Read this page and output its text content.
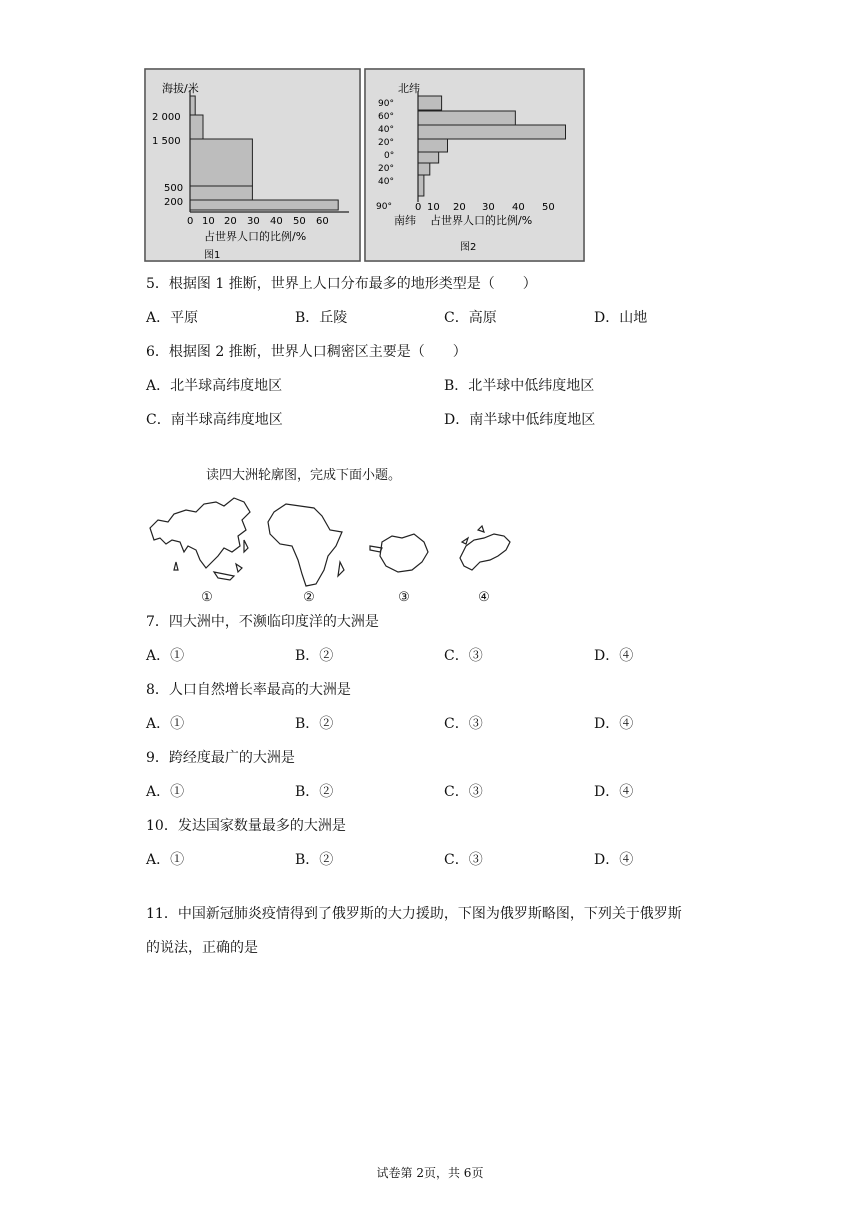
海拔/米
2 000
1 500
500
200
0 10 20 30 40 50 60
占世界人口的比例/%
图1
北纬
90°
60°
40°
20°
0°
20°
40°
90° 0 10 20 30 40 50
南纬 占世界人口的比例/%
图2
5．根据图 1 推断，世界上人口分布最多的地形类型是（　　）
A．平原	B．丘陵	C．高原	D．山地
6．根据图 2 推断，世界人口稠密区主要是（　　）
A．北半球高纬度地区	B．北半球中低纬度地区
C．南半球高纬度地区	D．南半球中低纬度地区
读四大洲轮廓图，完成下面小题。
①	②	③	④
7．四大洲中，不濒临印度洋的大洲是
A．①	B．②	C．③	D．④
8．人口自然增长率最高的大洲是
A．①	B．②	C．③	D．④
9．跨经度最广的大洲是
A．①	B．②	C．③	D．④
10．发达国家数量最多的大洲是
A．①	B．②	C．③	D．④
11．中国新冠肺炎疫情得到了俄罗斯的大力援助，下图为俄罗斯略图，下列关于俄罗斯
的说法，正确的是
试卷第 2页，共 6页
